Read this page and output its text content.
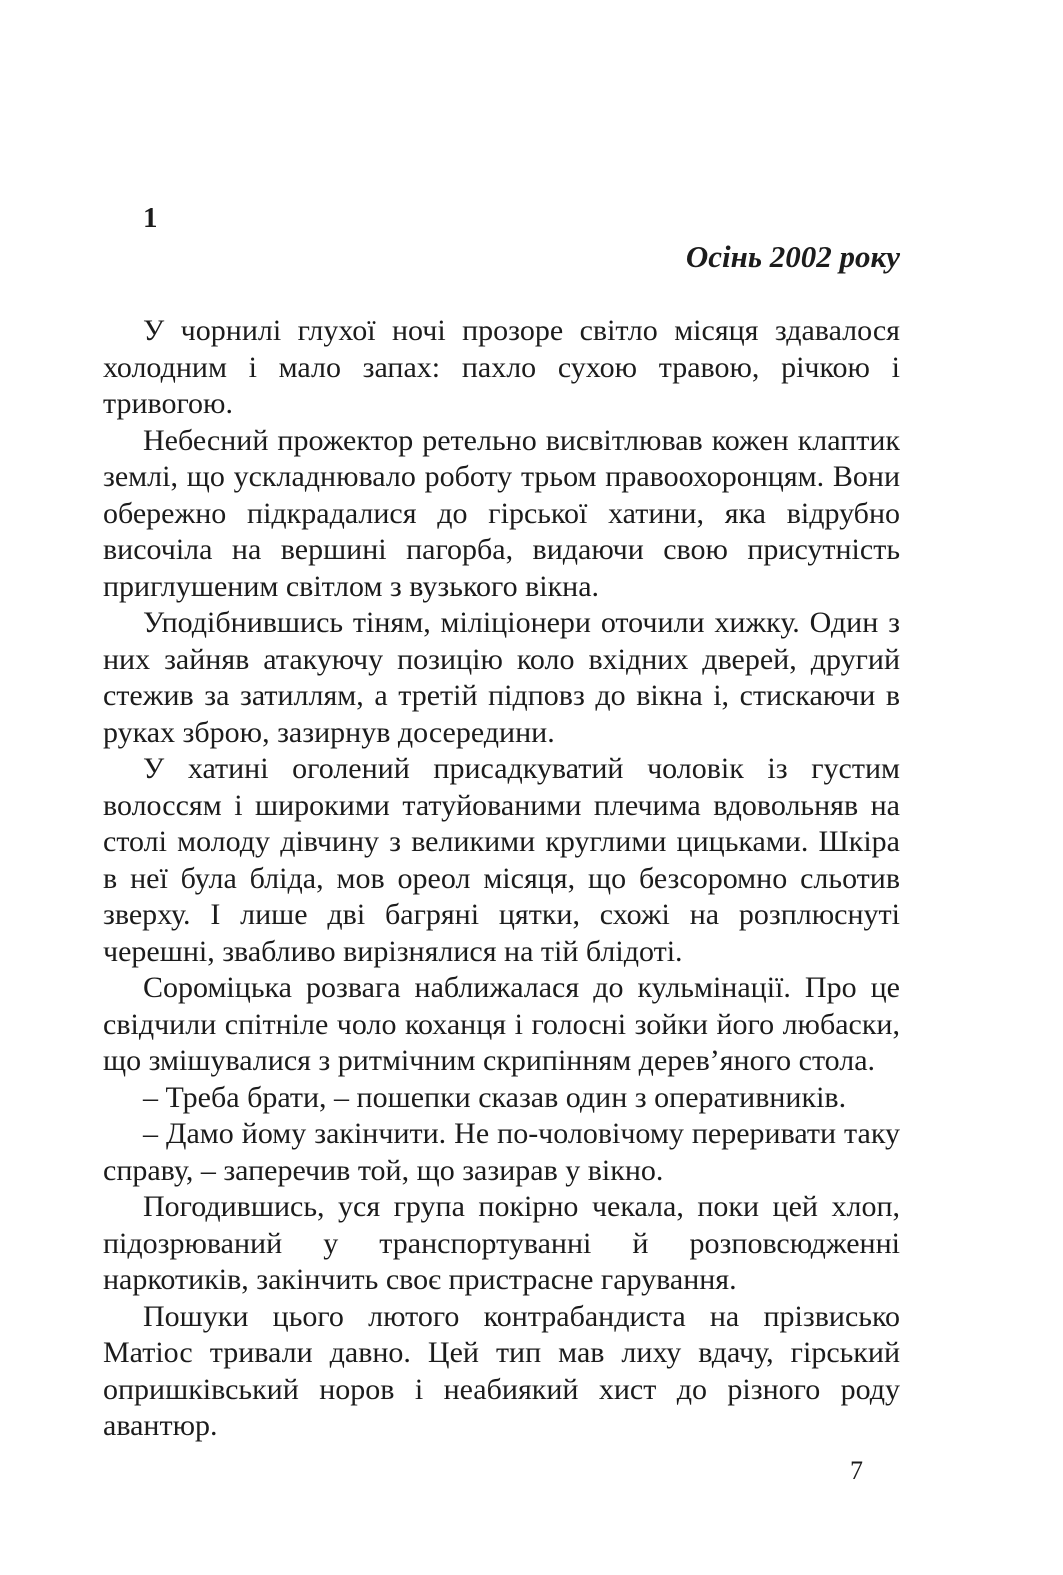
1
Осінь 2002 року

У чорнилі глухої ночі прозоре світло місяця здавалося холодним і мало запах: пахло сухою травою, річкою і тривогою.

Небесний прожектор ретельно висвітлював кожен клаптик землі, що ускладнювало роботу трьом правоохоронцям. Вони обережно підкрадалися до гірської хатини, яка відрубно височіла на вершині пагорба, видаючи свою присутність приглушеним світлом з вузького вікна.

Уподібнившись тіням, міліціонери оточили хижку. Один з них зайняв атакуючу позицію коло вхідних дверей, другий стежив за затиллям, а третій підповз до вікна і, стискаючи в руках зброю, зазирнув досередини.

У хатині оголений присадкуватий чоловік із густим волоссям і широкими татуйованими плечима вдовольняв на столі молоду дівчину з великими круглими цицьками. Шкіра в неї була бліда, мов ореол місяця, що безсоромно сльотив зверху. І лише дві багряні цятки, схожі на розплюснуті черешні, звабливо вирізнялися на тій блідоті.

Сороміцька розвага наближалася до кульмінації. Про це свідчили спітніле чоло коханця і голосні зойки його любаски, що змішувалися з ритмічним скрипінням дерев’яного стола.

– Треба брати, – пошепки сказав один з оперативників.

– Дамо йому закінчити. Не по-чоловічому переривати таку справу, – заперечив той, що зазирав у вікно.

Погодившись, уся група покірно чекала, поки цей хлоп, підозрюваний у транспортуванні й розповсюдженні наркотиків, закінчить своє пристрасне гарування.

Пошуки цього лютого контрабандиста на прізвисько Матіос тривали давно. Цей тип мав лиху вдачу, гірський опришківський норов і неабиякий хист до різного роду авантюр.

7
